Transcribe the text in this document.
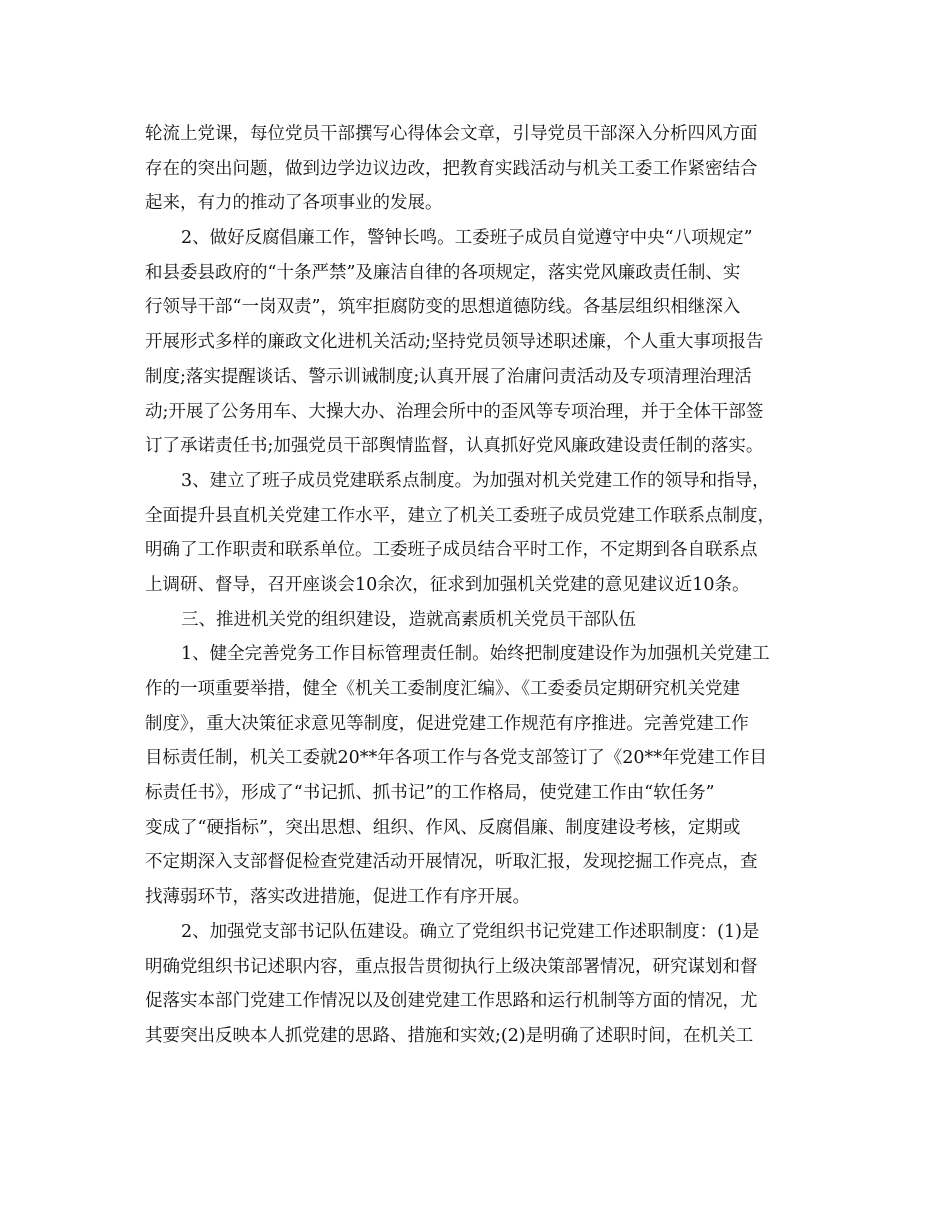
轮流上党课，每位党员干部撰写心得体会文章，引导党员干部深入分析四风方面
存在的突出问题，做到边学边议边改，把教育实践活动与机关工委工作紧密结合
起来，有力的推动了各项事业的发展。
2、做好反腐倡廉工作，警钟长鸣。工委班子成员自觉遵守中央“八项规定”
和县委县政府的“十条严禁”及廉洁自律的各项规定，落实党风廉政责任制、实
行领导干部“一岗双责”，筑牢拒腐防变的思想道德防线。各基层组织相继深入
开展形式多样的廉政文化进机关活动;坚持党员领导述职述廉，个人重大事项报告
制度;落实提醒谈话、警示训诫制度;认真开展了治庸问责活动及专项清理治理活
动;开展了公务用车、大操大办、治理会所中的歪风等专项治理，并于全体干部签
订了承诺责任书;加强党员干部舆情监督，认真抓好党风廉政建设责任制的落实。
3、建立了班子成员党建联系点制度。为加强对机关党建工作的领导和指导，
全面提升县直机关党建工作水平，建立了机关工委班子成员党建工作联系点制度，
明确了工作职责和联系单位。工委班子成员结合平时工作，不定期到各自联系点
上调研、督导，召开座谈会10余次，征求到加强机关党建的意见建议近10条。
三、推进机关党的组织建设，造就高素质机关党员干部队伍
1、健全完善党务工作目标管理责任制。始终把制度建设作为加强机关党建工
作的一项重要举措，健全《机关工委制度汇编》、《工委委员定期研究机关党建
制度》，重大决策征求意见等制度，促进党建工作规范有序推进。完善党建工作
目标责任制，机关工委就20**年各项工作与各党支部签订了《20**年党建工作目
标责任书》，形成了“书记抓、抓书记”的工作格局，使党建工作由“软任务”
变成了“硬指标”，突出思想、组织、作风、反腐倡廉、制度建设考核，定期或
不定期深入支部督促检查党建活动开展情况，听取汇报，发现挖掘工作亮点，查
找薄弱环节，落实改进措施，促进工作有序开展。
2、加强党支部书记队伍建设。确立了党组织书记党建工作述职制度：(1)是
明确党组织书记述职内容，重点报告贯彻执行上级决策部署情况，研究谋划和督
促落实本部门党建工作情况以及创建党建工作思路和运行机制等方面的情况，尤
其要突出反映本人抓党建的思路、措施和实效;(2)是明确了述职时间，在机关工
